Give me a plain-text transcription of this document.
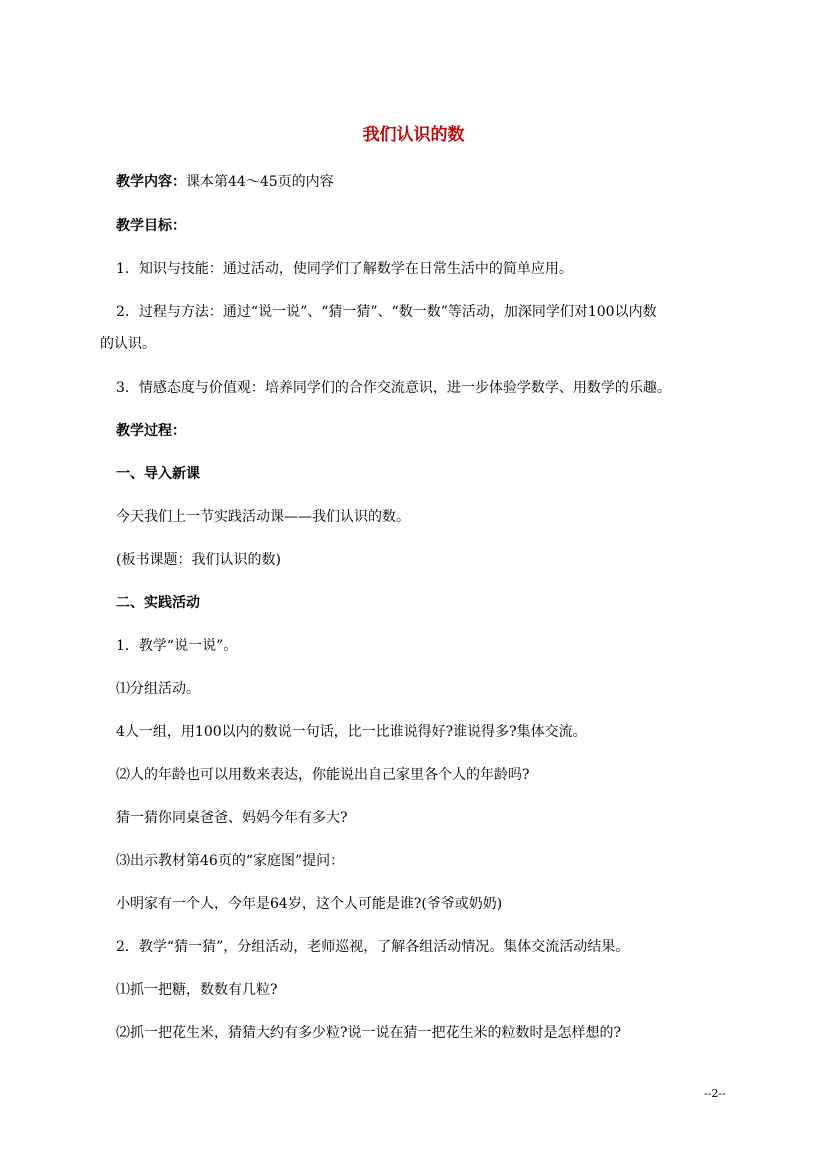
我们认识的数

教学内容：课本第44～45页的内容

教学目标：

1．知识与技能：通过活动，使同学们了解数学在日常生活中的简单应用。

2．过程与方法：通过“说一说”、“猜一猜”、“数一数”等活动，加深同学们对100以内数

的认识。

3．情感态度与价值观：培养同学们的合作交流意识，进一步体验学数学、用数学的乐趣。

教学过程：

一、导入新课

今天我们上一节实践活动课——我们认识的数。

(板书课题：我们认识的数)

二、实践活动

1．教学“说一说”。

⑴分组活动。

4人一组，用100以内的数说一句话，比一比谁说得好?谁说得多?集体交流。

⑵人的年龄也可以用数来表达，你能说出自己家里各个人的年龄吗?

猜一猜你同桌爸爸、妈妈今年有多大?

⑶出示教材第46页的“家庭图”提问：

小明家有一个人，今年是64岁，这个人可能是谁?(爷爷或奶奶)

2．教学“猜一猜”，分组活动，老师巡视，了解各组活动情况。集体交流活动结果。

⑴抓一把糖，数数有几粒?

⑵抓一把花生米，猜猜大约有多少粒?说一说在猜一把花生米的粒数时是怎样想的?

--2--
